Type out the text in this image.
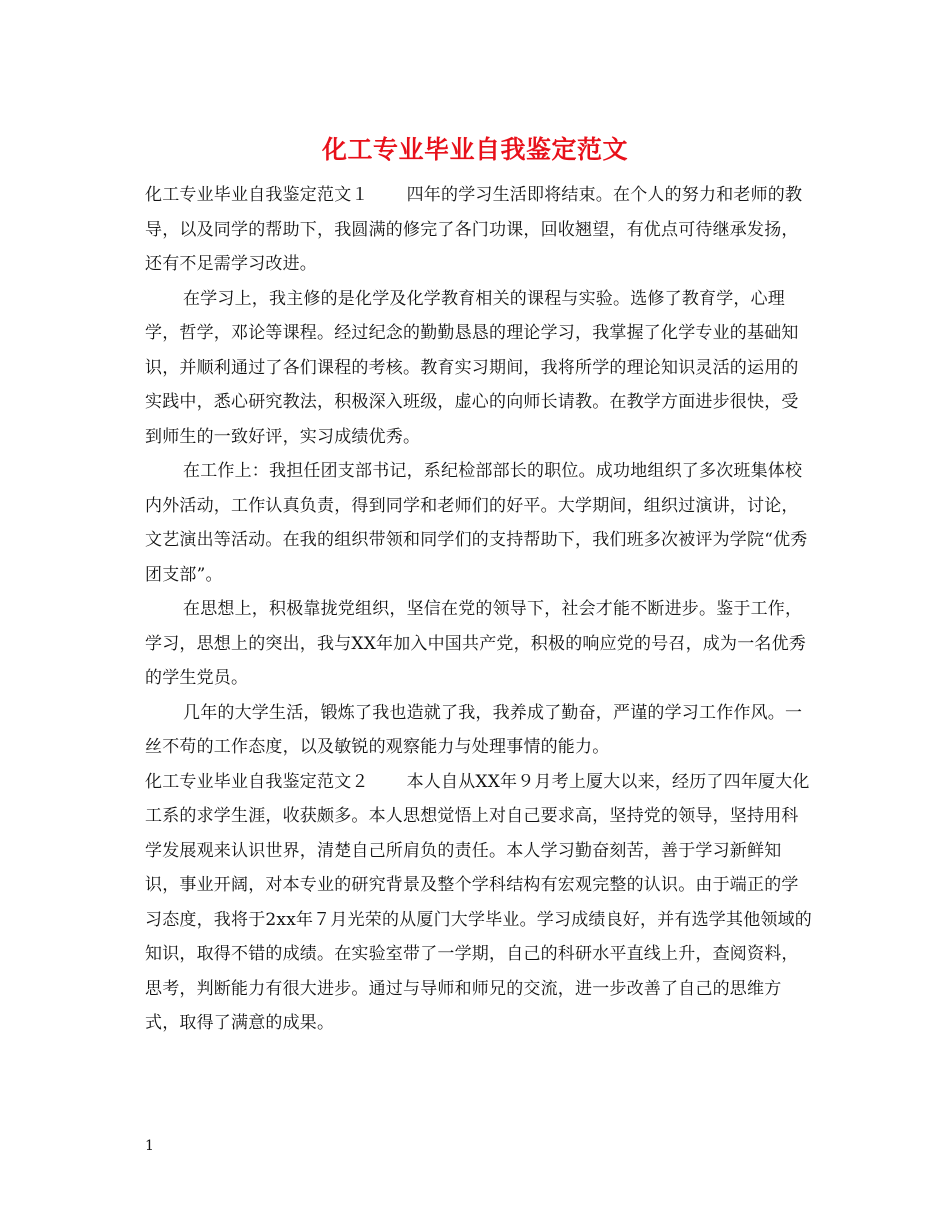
化工专业毕业自我鉴定范文

化工专业毕业自我鉴定范文１ 四年的学习生活即将结束。在个人的努力和老师的教导，以及同学的帮助下，我圆满的修完了各门功课，回收翘望，有优点可待继承发扬，还有不足需学习改进。

在学习上，我主修的是化学及化学教育相关的课程与实验。选修了教育学，心理学，哲学，邓论等课程。经过纪念的勤勤恳恳的理论学习，我掌握了化学专业的基础知识，并顺利通过了各们课程的考核。教育实习期间，我将所学的理论知识灵活的运用的实践中，悉心研究教法，积极深入班级，虚心的向师长请教。在教学方面进步很快，受到师生的一致好评，实习成绩优秀。

在工作上：我担任团支部书记，系纪检部部长的职位。成功地组织了多次班集体校内外活动，工作认真负责，得到同学和老师们的好平。大学期间，组织过演讲，讨论，文艺演出等活动。在我的组织带领和同学们的支持帮助下，我们班多次被评为学院“优秀团支部”。

在思想上，积极靠拢党组织，坚信在党的领导下，社会才能不断进步。鉴于工作，学习，思想上的突出，我与XX年加入中国共产党，积极的响应党的号召，成为一名优秀的学生党员。

几年的大学生活，锻炼了我也造就了我，我养成了勤奋，严谨的学习工作作风。一丝不苟的工作态度，以及敏锐的观察能力与处理事情的能力。

化工专业毕业自我鉴定范文２ 本人自从XX年９月考上厦大以来，经历了四年厦大化工系的求学生涯，收获颇多。本人思想觉悟上对自己要求高，坚持党的领导，坚持用科学发展观来认识世界，清楚自己所肩负的责任。本人学习勤奋刻苦，善于学习新鲜知识，事业开阔，对本专业的研究背景及整个学科结构有宏观完整的认识。由于端正的学习态度，我将于2xx年７月光荣的从厦门大学毕业。学习成绩良好，并有选学其他领域的知识，取得不错的成绩。在实验室带了一学期，自己的科研水平直线上升，查阅资料，思考，判断能力有很大进步。通过与导师和师兄的交流，进一步改善了自己的思维方式，取得了满意的成果。

1
